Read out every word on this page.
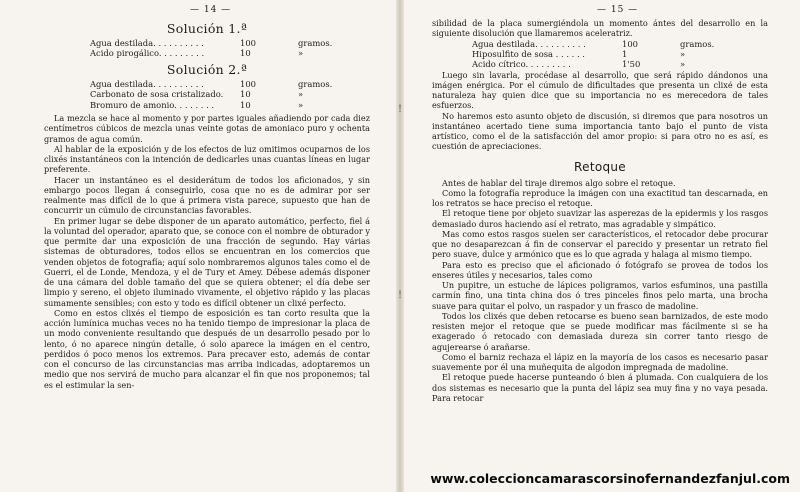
— 14 —
Solución 1.ª
Agua destilada. . . . . . . . . .	100	gramos.
Acido pirogálico. . . . . . . . .	10	»
Solución 2.ª
Agua destilada. . . . . . . . . .	100	gramos.
Carbonato de sosa cristalizado.	10	»
Bromuro de amonio. . . . . . . .	10	»

La mezcla se hace al momento y por partes iguales añadiendo por cada diez centímetros cúbicos de mezcla unas veinte gotas de amoniaco puro y ochenta gramos de agua común.

Al hablar de la exposición y de los efectos de luz omitimos ocuparnos de los clixés instantáneos con la intención de dedicarles unas cuantas líneas en lugar preferente.

Hacer un instantáneo es el desiderátum de todos los aficionados, y sin embargo pocos llegan á conseguirlo, cosa que no es de admirar por ser realmente mas difícil de lo que á primera vista parece, supuesto que han de concurrir un cúmulo de circunstancias favorables.

En primer lugar se debe disponer de un aparato automático, perfecto, fiel á la voluntad del operador, aparato que, se conoce con el nombre de obturador y que permite dar una exposición de una fracción de segundo. Hay várias sistemas de obturadores, todos ellos se encuentran en los comercios que venden objetos de fotografía; aquí solo nombraremos algunos tales como el de Guerri, el de Londe, Mendoza, y el de Tury et Amey. Débese además disponer de una cámara del doble tamaño del que se quiera obtener; el día debe ser limpio y sereno, el objeto iluminado vivamente, el objetivo rápido y las placas sumamente sensibles; con esto y todo es difícil obtener un clixé perfecto.

Como en estos clixés el tiempo de esposición es tan corto resulta que la acción lumínica muchas veces no ha tenido tiempo de impresionar la placa de un modo conveniente resultando que después de un desarrollo pesado por lo lento, ó no aparece ningún detalle, ó solo aparece la imágen en el centro, perdidos ó poco menos los extremos. Para precaver esto, además de contar con el concurso de las circunstancias mas arriba indicadas, adoptaremos un medio que nos servirá de mucho para alcanzar el fin que nos proponemos; tal es el estimular la sen-

!
!
— 15 —

sibilidad de la placa sumergiéndola un momento ántes del desarrollo en la siguiente disolución que llamaremos aceleratriz.

Agua destilada. . . . . . . . . .	100	gramos.
Hiposulfito de sosa . . . . . .	1	»
Acido cítrico. . . . . . . . .	1'50	»

Luego sin lavarla, procédase al desarrollo, que será rápido dándonos una imágen enérgica. Por el cúmulo de dificultades que presenta un clixé de esta naturaleza hay quien dice que su importancia no es merecedora de tales esfuerzos.

No haremos esto asunto objeto de discusión, si diremos que para nosotros un instantáneo acertado tiene suma importancia tanto bajo el punto de vista artístico, como el de la satisfacción del amor propio: si para otro no es así, es cuestión de apreciaciones.

Retoque

Antes de hablar del tiraje diremos algo sobre el retoque.

Como la fotografía reproduce la imágen con una exactitud tan descarnada, en los retratos se hace preciso el retoque.

El retoque tiene por objeto suavizar las asperezas de la epidermis y los rasgos demasiado duros haciendo así el retrato, mas agradable y simpático.

Mas como estos rasgos suelen ser característicos, el retocador debe procurar que no desaparezcan á fin de conservar el parecido y presentar un retrato fiel pero suave, dulce y armónico que es lo que agrada y halaga al mismo tiempo.

Para esto es preciso que el aficionado ó fotógrafo se provea de todos los enseres útiles y necesarios, tales como

Un pupitre, un estuche de lápices poligramos, varios esfuminos, una pastilla carmín fino, una tinta china dos ó tres pinceles finos pelo marta, una brocha suave para quitar el polvo, un raspador y un frasco de madoline.

Todos los clixés que deben retocarse es bueno sean barnizados, de este modo resisten mejor el retoque que se puede modificar mas fácilmente si se ha exagerado ó retocado con demasiada dureza sin correr tanto riesgo de agujerearse ó arañarse.

Como el barniz rechaza el lápiz en la mayoría de los casos es necesario pasar suavemente por él una muñequita de algodon impregnada de madoline.

El retoque puede hacerse punteando ó bien á plumada. Con cualquiera de los dos sistemas es necesario que la punta del lápiz sea muy fina y no vaya pesada. Para retocar

www.coleccioncamarascorsinofernandezfanjul.com
